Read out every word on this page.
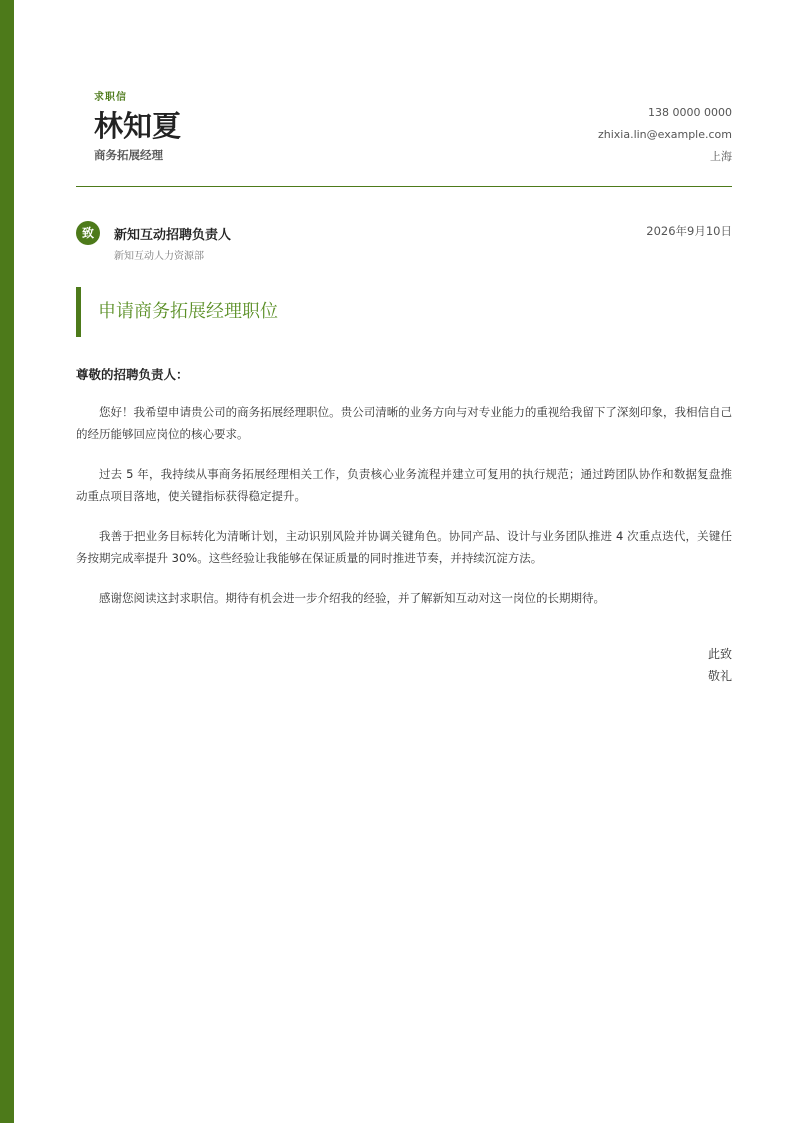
求职信
林知夏
商务拓展经理
138 0000 0000
zhixia.lin@example.com
上海
致	新知互动招聘负责人
新知互动人力资源部
2026年9月10日
申请商务拓展经理职位
尊敬的招聘负责人：
您好！我希望申请贵公司的商务拓展经理职位。贵公司清晰的业务方向与对专业能力的重视给我留下了深刻印象，我相信自己的经历能够回应岗位的核心要求。
过去 5 年，我持续从事商务拓展经理相关工作，负责核心业务流程并建立可复用的执行规范；通过跨团队协作和数据复盘推动重点项目落地，使关键指标获得稳定提升。
我善于把业务目标转化为清晰计划，主动识别风险并协调关键角色。协同产品、设计与业务团队推进 4 次重点迭代，关键任务按期完成率提升 30%。这些经验让我能够在保证质量的同时推进节奏，并持续沉淀方法。
感谢您阅读这封求职信。期待有机会进一步介绍我的经验，并了解新知互动对这一岗位的长期期待。
此致
敬礼
